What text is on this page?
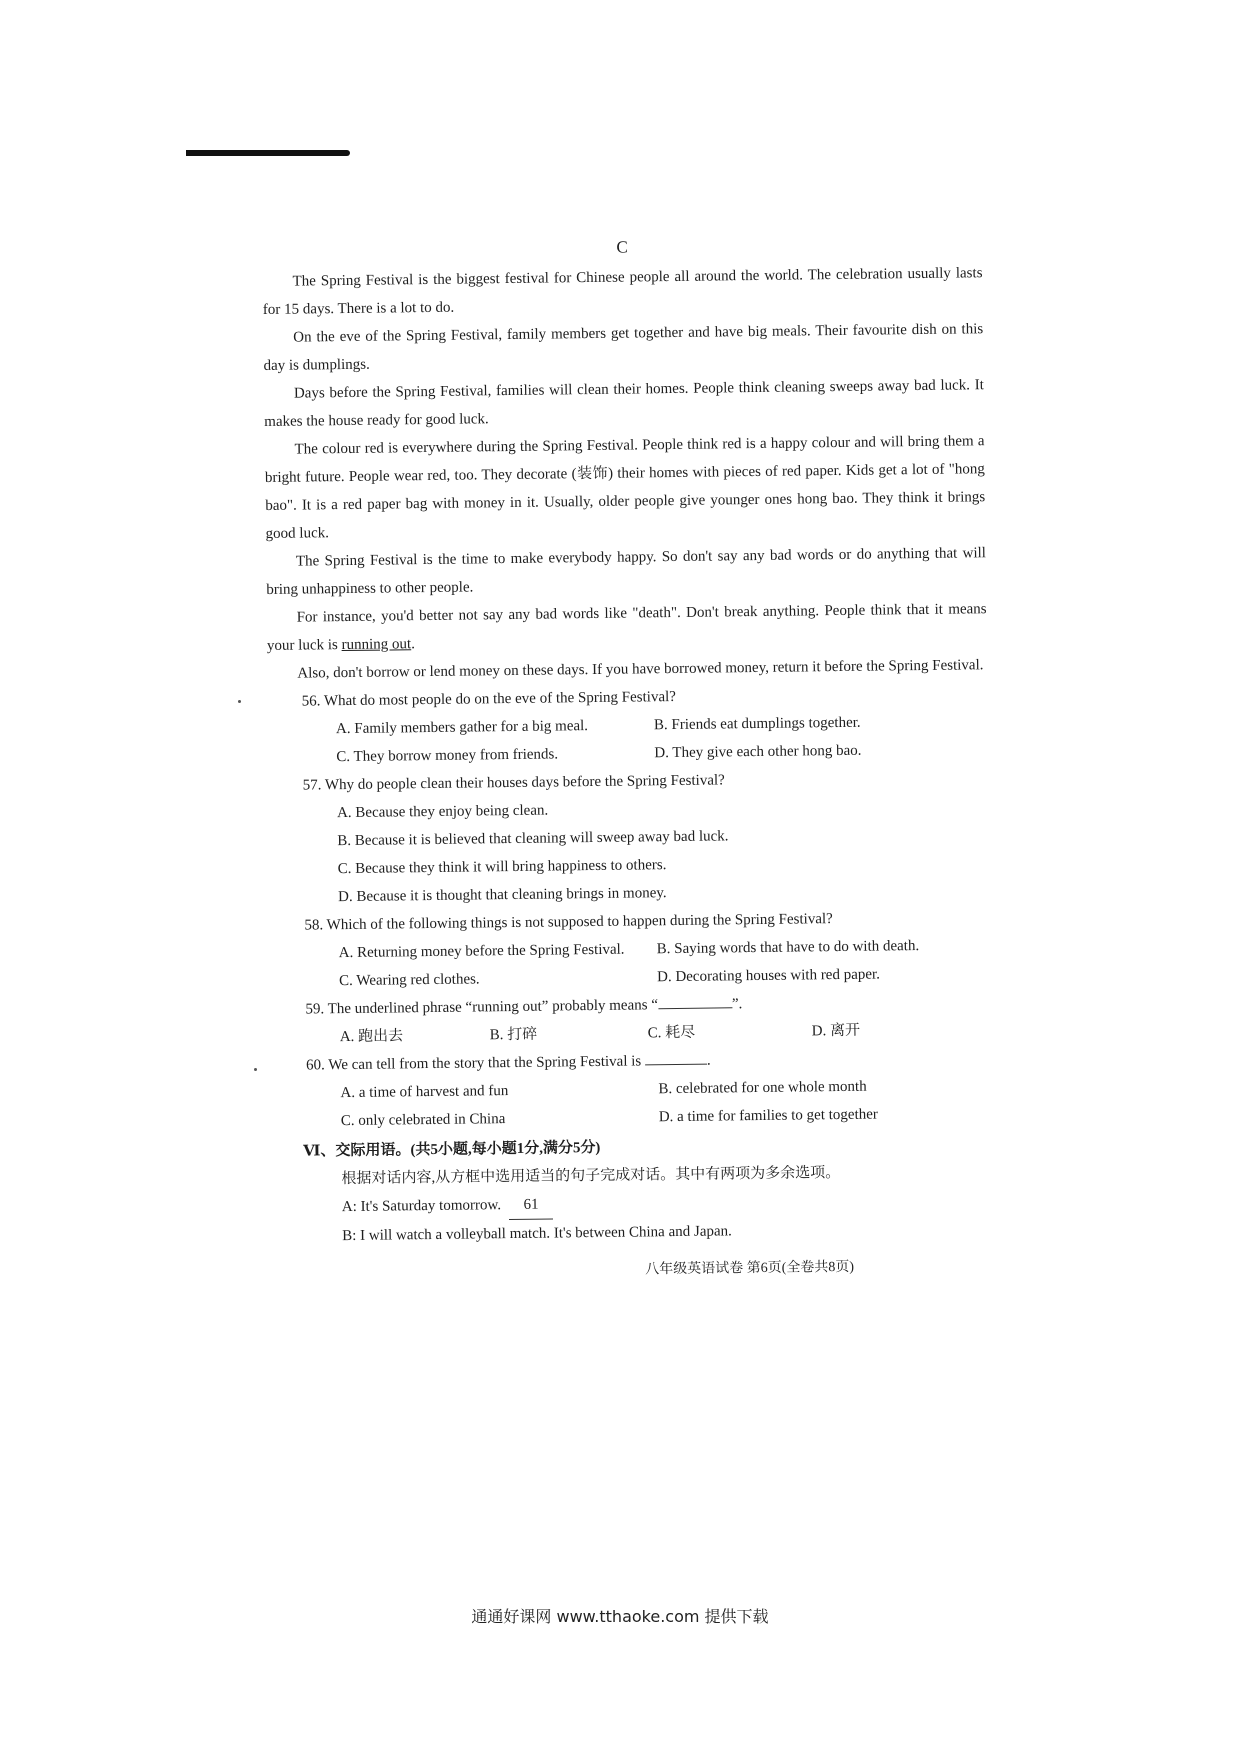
C

The Spring Festival is the biggest festival for Chinese people all around the world. The celebration usually lasts for 15 days. There is a lot to do.

On the eve of the Spring Festival, family members get together and have big meals. Their favourite dish on this day is dumplings.

Days before the Spring Festival, families will clean their homes. People think cleaning sweeps away bad luck. It makes the house ready for good luck.

The colour red is everywhere during the Spring Festival. People think red is a happy colour and will bring them a bright future. People wear red, too. They decorate (装饰) their homes with pieces of red paper. Kids get a lot of "hong bao". It is a red paper bag with money in it. Usually, older people give younger ones hong bao. They think it brings good luck.

The Spring Festival is the time to make everybody happy. So don't say any bad words or do anything that will bring unhappiness to other people.

For instance, you'd better not say any bad words like "death". Don't break anything. People think that it means your luck is running out.

Also, don't borrow or lend money on these days. If you have borrowed money, return it before the Spring Festival.

56. What do most people do on the eve of the Spring Festival?
A. Family members gather for a big meal.	B. Friends eat dumplings together.
C. They borrow money from friends.	D. They give each other hong bao.
57. Why do people clean their houses days before the Spring Festival?
A. Because they enjoy being clean.
B. Because it is believed that cleaning will sweep away bad luck.
C. Because they think it will bring happiness to others.
D. Because it is thought that cleaning brings in money.
58. Which of the following things is not supposed to happen during the Spring Festival?
A. Returning money before the Spring Festival.	B. Saying words that have to do with death.
C. Wearing red clothes.	D. Decorating houses with red paper.
59. The underlined phrase “running out” probably means “	”.
A. 跑出去	B. 打碎	C. 耗尽	D. 离开
60. We can tell from the story that the Spring Festival is	.
A. a time of harvest and fun	B. celebrated for one whole month
C. only celebrated in China	D. a time for families to get together
Ⅵ、交际用语。(共5小题,每小题1分,满分5分)
根据对话内容,从方框中选用适当的句子完成对话。其中有两项为多余选项。
A: It's Saturday tomorrow. 61
B: I will watch a volleyball match. It's between China and Japan.
八年级英语试卷 第6页(全卷共8页)
通通好课网 www.tthaoke.com 提供下载
